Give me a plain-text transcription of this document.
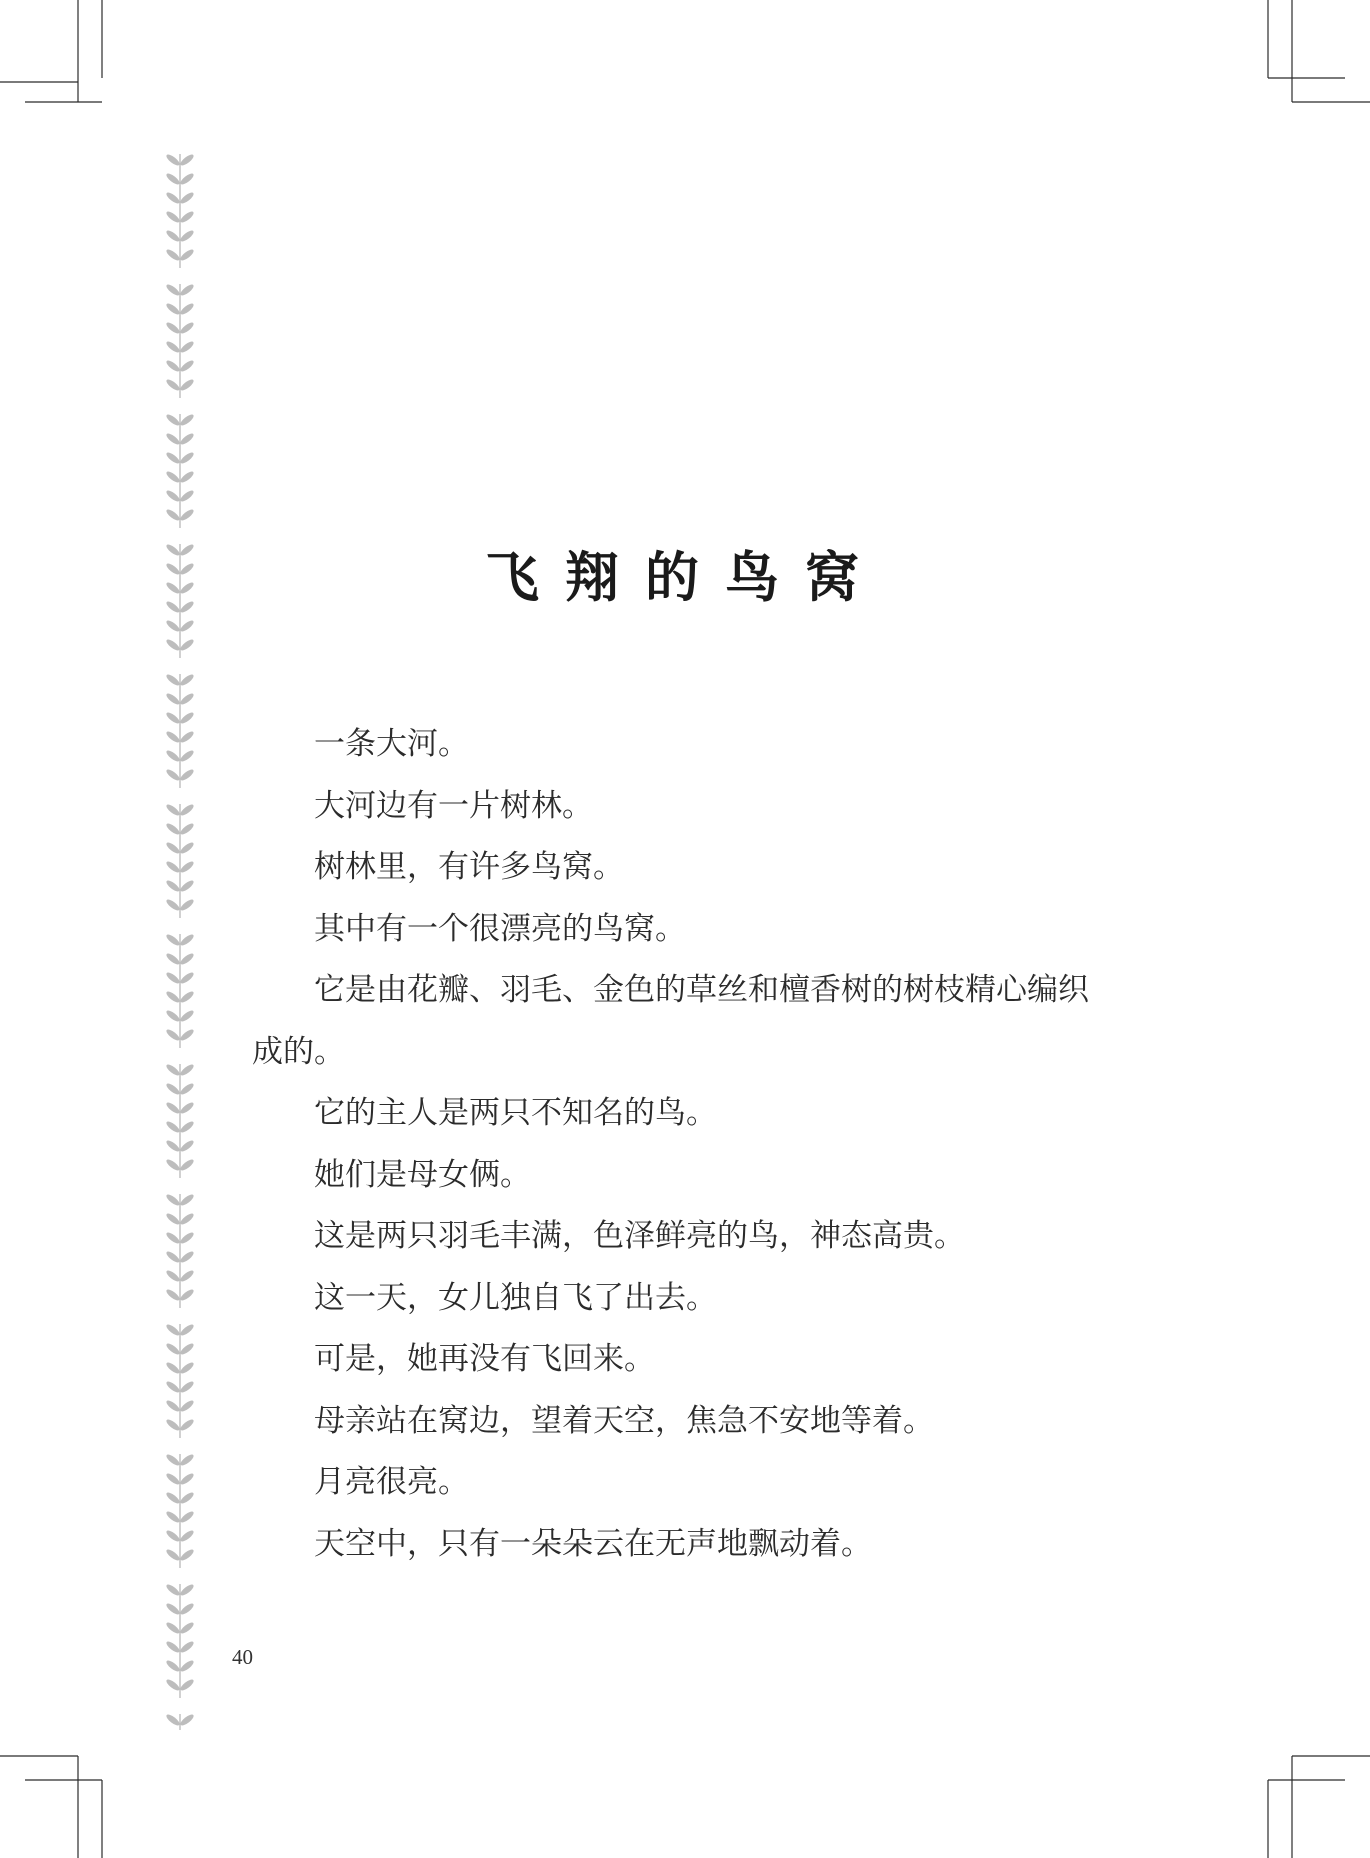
飞翔的鸟窝

一条大河。

大河边有一片树林。

树林里，有许多鸟窝。

其中有一个很漂亮的鸟窝。

它是由花瓣、羽毛、金色的草丝和檀香树的树枝精心编织成的。

它的主人是两只不知名的鸟。

她们是母女俩。

这是两只羽毛丰满，色泽鲜亮的鸟，神态高贵。

这一天，女儿独自飞了出去。

可是，她再没有飞回来。

母亲站在窝边，望着天空，焦急不安地等着。

月亮很亮。

天空中，只有一朵朵云在无声地飘动着。

40
